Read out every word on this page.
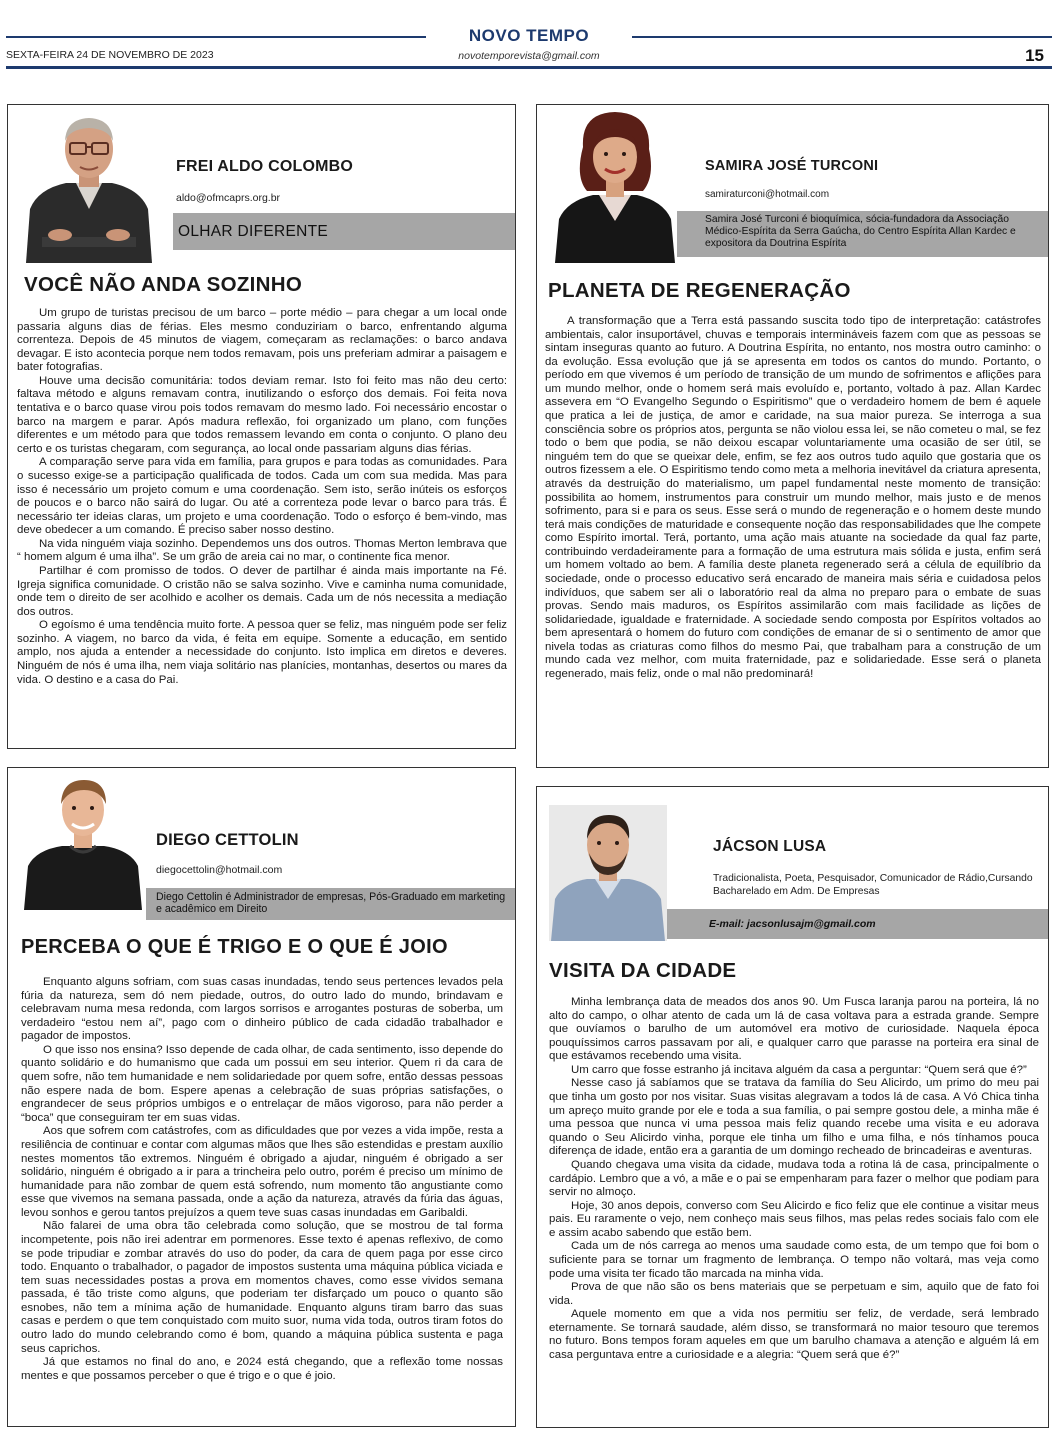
NOVO TEMPO
novotemporevista@gmail.com
SEXTA-FEIRA 24 DE NOVEMBRO DE 2023	15
FREI ALDO COLOMBO
aldo@ofmcaprs.org.br
OLHAR DIFERENTE
VOCÊ NÃO ANDA SOZINHO

Um grupo de turistas precisou de um barco – porte médio – para chegar a um local onde passaria alguns dias de férias. Eles mesmo conduziriam o barco, enfrentando alguma correnteza. Depois de 45 minutos de viagem, começaram as reclamações: o barco andava devagar. E isto acontecia porque nem todos remavam, pois uns preferiam admirar a paisagem e bater fotografias.

Houve uma decisão comunitária: todos deviam remar. Isto foi feito mas não deu certo: faltava método e alguns remavam contra, inutilizando o esforço dos demais. Foi feita nova tentativa e o barco quase virou pois todos remavam do mesmo lado. Foi necessário encostar o barco na margem e parar. Após madura reflexão, foi organizado um plano, com funções diferentes e um método para que todos remassem levando em conta o conjunto. O plano deu certo e os turistas chegaram, com segurança, ao local onde passariam alguns dias férias.

A comparação serve para vida em família, para grupos e para todas as comunidades. Para o sucesso exige-se a participação qualificada de todos. Cada um com sua medida. Mas para isso é necessário um projeto comum e uma coordenação. Sem isto, serão inúteis os esforços de poucos e o barco não sairá do lugar. Ou até a correnteza pode levar o barco para trás. É necessário ter ideias claras, um projeto e uma coordenação. Todo o esforço é bem-vindo, mas deve obedecer a um comando. É preciso saber nosso destino.

Na vida ninguém viaja sozinho. Dependemos uns dos outros. Thomas Merton lembrava que “ homem algum é uma ilha”. Se um grão de areia cai no mar, o continente fica menor.

Partilhar é com promisso de todos. O dever de partilhar é ainda mais importante na Fé. Igreja significa comunidade. O cristão não se salva sozinho. Vive e caminha numa comunidade, onde tem o direito de ser acolhido e acolher os demais. Cada um de nós necessita a mediação dos outros.

O egoísmo é uma tendência muito forte. A pessoa quer se feliz, mas ninguém pode ser feliz sozinho. A viagem, no barco da vida, é feita em equipe. Somente a educação, em sentido amplo, nos ajuda a entender a necessidade do conjunto. Isto implica em diretos e deveres. Ninguém de nós é uma ilha, nem viaja solitário nas planícies, montanhas, desertos ou mares da vida. O destino e a casa do Pai.

SAMIRA JOSÉ TURCONI
samiraturconi@hotmail.com
Samira José Turconi é bioquímica, sócia-fundadora da Associação Médico-Espírita da Serra Gaúcha, do Centro Espírita Allan Kardec e expositora da Doutrina Espírita
PLANETA DE REGENERAÇÃO

A transformação que a Terra está passando suscita todo tipo de interpretação: catástrofes ambientais, calor insuportável, chuvas e temporais intermináveis fazem com que as pessoas se sintam inseguras quanto ao futuro. A Doutrina Espírita, no entanto, nos mostra outro caminho: o da evolução. Essa evolução que já se apresenta em todos os cantos do mundo. Portanto, o período em que vivemos é um período de transição de um mundo de sofrimentos e aflições para um mundo melhor, onde o homem será mais evoluído e, portanto, voltado à paz. Allan Kardec assevera em “O Evangelho Segundo o Espiritismo” que o verdadeiro homem de bem é aquele que pratica a lei de justiça, de amor e caridade, na sua maior pureza. Se interroga a sua consciência sobre os próprios atos, pergunta se não violou essa lei, se não cometeu o mal, se fez todo o bem que podia, se não deixou escapar voluntariamente uma ocasião de ser útil, se ninguém tem do que se queixar dele, enfim, se fez aos outros tudo aquilo que gostaria que os outros fizessem a ele. O Espiritismo tendo como meta a melhoria inevitável da criatura apresenta, através da destruição do materialismo, um papel fundamental neste momento de transição: possibilita ao homem, instrumentos para construir um mundo melhor, mais justo e de menos sofrimento, para si e para os seus. Esse será o mundo de regeneração e o homem deste mundo terá mais condições de maturidade e consequente noção das responsabilidades que lhe compete como Espírito imortal. Terá, portanto, uma ação mais atuante na sociedade da qual faz parte, contribuindo verdadeiramente para a formação de uma estrutura mais sólida e justa, enfim será um homem voltado ao bem. A família deste planeta regenerado será a célula de equilíbrio da sociedade, onde o processo educativo será encarado de maneira mais séria e cuidadosa pelos indivíduos, que sabem ser ali o laboratório real da alma no preparo para o embate de suas provas. Sendo mais maduros, os Espíritos assimilarão com mais facilidade as lições de solidariedade, igualdade e fraternidade. A sociedade sendo composta por Espíritos voltados ao bem apresentará o homem do futuro com condições de emanar de si o sentimento de amor que nivela todas as criaturas como filhos do mesmo Pai, que trabalham para a construção de um mundo cada vez melhor, com muita fraternidade, paz e solidariedade. Esse será o planeta regenerado, mais feliz, onde o mal não predominará!

DIEGO CETTOLIN
diegocettolin@hotmail.com
Diego Cettolin é Administrador de empresas, Pós-Graduado em marketing e acadêmico em Direito
PERCEBA O QUE É TRIGO E O QUE É JOIO

Enquanto alguns sofriam, com suas casas inundadas, tendo seus pertences levados pela fúria da natureza, sem dó nem piedade, outros, do outro lado do mundo, brindavam e celebravam numa mesa redonda, com largos sorrisos e arrogantes posturas de soberba, um verdadeiro “estou nem aí”, pago com o dinheiro público de cada cidadão trabalhador e pagador de impostos.

O que isso nos ensina? Isso depende de cada olhar, de cada sentimento, isso depende do quanto solidário e do humanismo que cada um possui em seu interior. Quem ri da cara de quem sofre, não tem humanidade e nem solidariedade por quem sofre, então dessas pessoas não espere nada de bom. Espere apenas a celebração de suas próprias satisfações, o engrandecer de seus próprios umbigos e o entrelaçar de mãos vigoroso, para não perder a “boca” que conseguiram ter em suas vidas.

Aos que sofrem com catástrofes, com as dificuldades que por vezes a vida impõe, resta a resiliência de continuar e contar com algumas mãos que lhes são estendidas e prestam auxílio nestes momentos tão extremos. Ninguém é obrigado a ajudar, ninguém é obrigado a ser solidário, ninguém é obrigado a ir para a trincheira pelo outro, porém é preciso um mínimo de humanidade para não zombar de quem está sofrendo, num momento tão angustiante como esse que vivemos na semana passada, onde a ação da natureza, através da fúria das águas, levou sonhos e gerou tantos prejuízos a quem teve suas casas inundadas em Garibaldi.

Não falarei de uma obra tão celebrada como solução, que se mostrou de tal forma incompetente, pois não irei adentrar em pormenores. Esse texto é apenas reflexivo, de como se pode tripudiar e zombar através do uso do poder, da cara de quem paga por esse circo todo. Enquanto o trabalhador, o pagador de impostos sustenta uma máquina pública viciada e tem suas necessidades postas a prova em momentos chaves, como esse vividos semana passada, é tão triste como alguns, que poderiam ter disfarçado um pouco o quanto são esnobes, não tem a mínima ação de humanidade. Enquanto alguns tiram barro das suas casas e perdem o que tem conquistado com muito suor, numa vida toda, outros tiram fotos do outro lado do mundo celebrando como é bom, quando a máquina pública sustenta e paga seus caprichos.

Já que estamos no final do ano, e 2024 está chegando, que a reflexão tome nossas mentes e que possamos perceber o que é trigo e o que é joio.

JÁCSON LUSA
Tradicionalista, Poeta, Pesquisador, Comunicador de Rádio,Cursando Bacharelado em Adm. De Empresas
E-mail: jacsonlusajm@gmail.com
VISITA DA CIDADE

Minha lembrança data de meados dos anos 90. Um Fusca laranja parou na porteira, lá no alto do campo, o olhar atento de cada um lá de casa voltava para a estrada grande. Sempre que ouvíamos o barulho de um automóvel era motivo de curiosidade. Naquela época pouquíssimos carros passavam por ali, e qualquer carro que parasse na porteira era sinal de que estávamos recebendo uma visita.

Um carro que fosse estranho já incitava alguém da casa a perguntar: “Quem será que é?”

Nesse caso já sabíamos que se tratava da família do Seu Alicirdo, um primo do meu pai que tinha um gosto por nos visitar. Suas visitas alegravam a todos lá de casa. A Vó Chica tinha um apreço muito grande por ele e toda a sua família, o pai sempre gostou dele, a minha mãe é uma pessoa que nunca vi uma pessoa mais feliz quando recebe uma visita e eu adorava quando o Seu Alicirdo vinha, porque ele tinha um filho e uma filha, e nós tínhamos pouca diferença de idade, então era a garantia de um domingo recheado de brincadeiras e aventuras.

Quando chegava uma visita da cidade, mudava toda a rotina lá de casa, principalmente o cardápio. Lembro que a vó, a mãe e o pai se empenharam para fazer o melhor que podiam para servir no almoço.

Hoje, 30 anos depois, converso com Seu Alicirdo e fico feliz que ele continue a visitar meus pais. Eu raramente o vejo, nem conheço mais seus filhos, mas pelas redes sociais falo com ele e assim acabo sabendo que estão bem.

Cada um de nós carrega ao menos uma saudade como esta, de um tempo que foi bom o suficiente para se tornar um fragmento de lembrança. O tempo não voltará, mas veja como pode uma visita ter ficado tão marcada na minha vida.

Prova de que não são os bens materiais que se perpetuam e sim, aquilo que de fato foi vida.

Aquele momento em que a vida nos permitiu ser feliz, de verdade, será lembrado eternamente. Se tornará saudade, além disso, se transformará no maior tesouro que teremos no futuro. Bons tempos foram aqueles em que um barulho chamava a atenção e alguém lá em casa perguntava entre a curiosidade e a alegria: “Quem será que é?”
